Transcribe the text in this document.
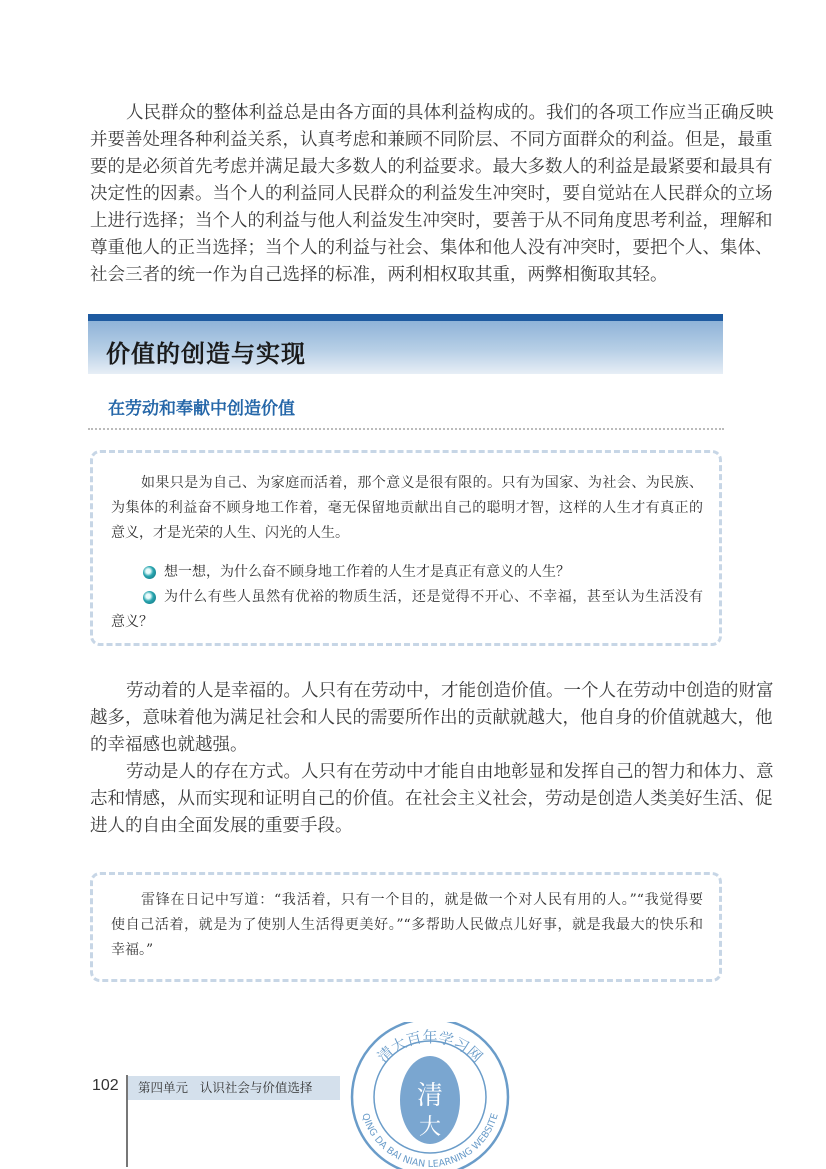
人民群众的整体利益总是由各方面的具体利益构成的。我们的各项工作应当正确反映
并要善处理各种利益关系，认真考虑和兼顾不同阶层、不同方面群众的利益。但是，最重
要的是必须首先考虑并满足最大多数人的利益要求。最大多数人的利益是最紧要和最具有
决定性的因素。当个人的利益同人民群众的利益发生冲突时，要自觉站在人民群众的立场
上进行选择；当个人的利益与他人利益发生冲突时，要善于从不同角度思考利益，理解和
尊重他人的正当选择；当个人的利益与社会、集体和他人没有冲突时，要把个人、集体、
社会三者的统一作为自己选择的标准，两利相权取其重，两弊相衡取其轻。
价值的创造与实现
在劳动和奉献中创造价值
如果只是为自己、为家庭而活着，那个意义是很有限的。只有为国家、为社会、为民族、
为集体的利益奋不顾身地工作着，毫无保留地贡献出自己的聪明才智，这样的人生才有真正的
意义，才是光荣的人生、闪光的人生。
想一想，为什么奋不顾身地工作着的人生才是真正有意义的人生？
为什么有些人虽然有优裕的物质生活，还是觉得不开心、不幸福，甚至认为生活没有
意义？
劳动着的人是幸福的。人只有在劳动中，才能创造价值。一个人在劳动中创造的财富
越多，意味着他为满足社会和人民的需要所作出的贡献就越大，他自身的价值就越大，他
的幸福感也就越强。
劳动是人的存在方式。人只有在劳动中才能自由地彰显和发挥自己的智力和体力、意
志和情感，从而实现和证明自己的价值。在社会主义社会，劳动是创造人类美好生活、促
进人的自由全面发展的重要手段。
雷锋在日记中写道：“我活着，只有一个目的，就是做一个对人民有用的人。”“我觉得要
使自己活着，就是为了使别人生活得更美好。”“多帮助人民做点儿好事，就是我最大的快乐和
幸福。”
102	第四单元   认识社会与价值选择	清
大
清大百年学习网
QING DA BAI NIAN LEARNING WEBSITE
